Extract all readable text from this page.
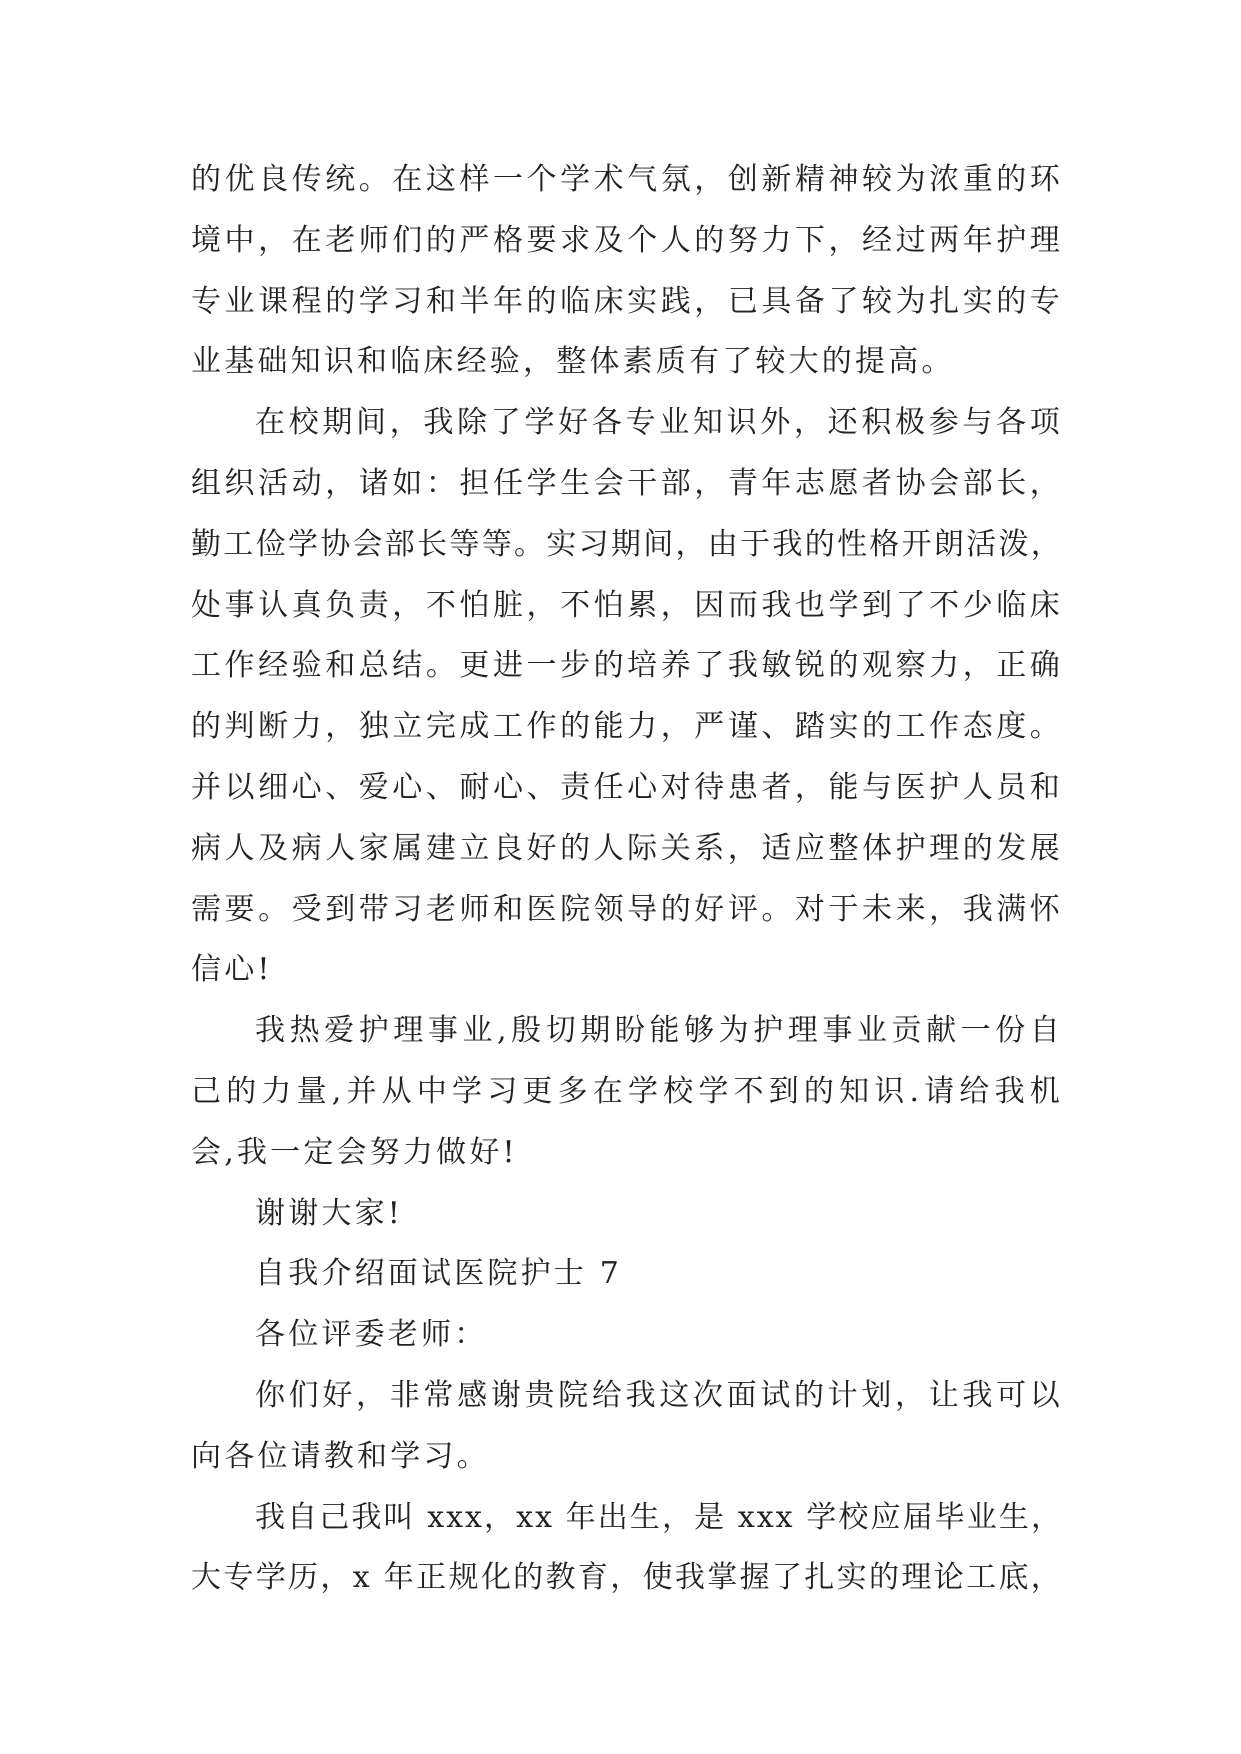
的优良传统。在这样一个学术气氛，创新精神较为浓重的环
境中，在老师们的严格要求及个人的努力下，经过两年护理
专业课程的学习和半年的临床实践，已具备了较为扎实的专
业基础知识和临床经验，整体素质有了较大的提高。
在校期间，我除了学好各专业知识外，还积极参与各项
组织活动，诸如：担任学生会干部，青年志愿者协会部长，
勤工俭学协会部长等等。实习期间，由于我的性格开朗活泼，
处事认真负责，不怕脏，不怕累，因而我也学到了不少临床
工作经验和总结。更进一步的培养了我敏锐的观察力，正确
的判断力，独立完成工作的能力，严谨、踏实的工作态度。
并以细心、爱心、耐心、责任心对待患者，能与医护人员和
病人及病人家属建立良好的人际关系，适应整体护理的发展
需要。受到带习老师和医院领导的好评。对于未来，我满怀
信心!
我热爱护理事业,殷切期盼能够为护理事业贡献一份自
己的力量,并从中学习更多在学校学不到的知识.请给我机
会,我一定会努力做好!
谢谢大家!
自我介绍面试医院护士 7
各位评委老师：
你们好，非常感谢贵院给我这次面试的计划，让我可以
向各位请教和学习。
我自己我叫 xxx，xx 年出生，是 xxx 学校应届毕业生，
大专学历，x 年正规化的教育，使我掌握了扎实的理论工底，
